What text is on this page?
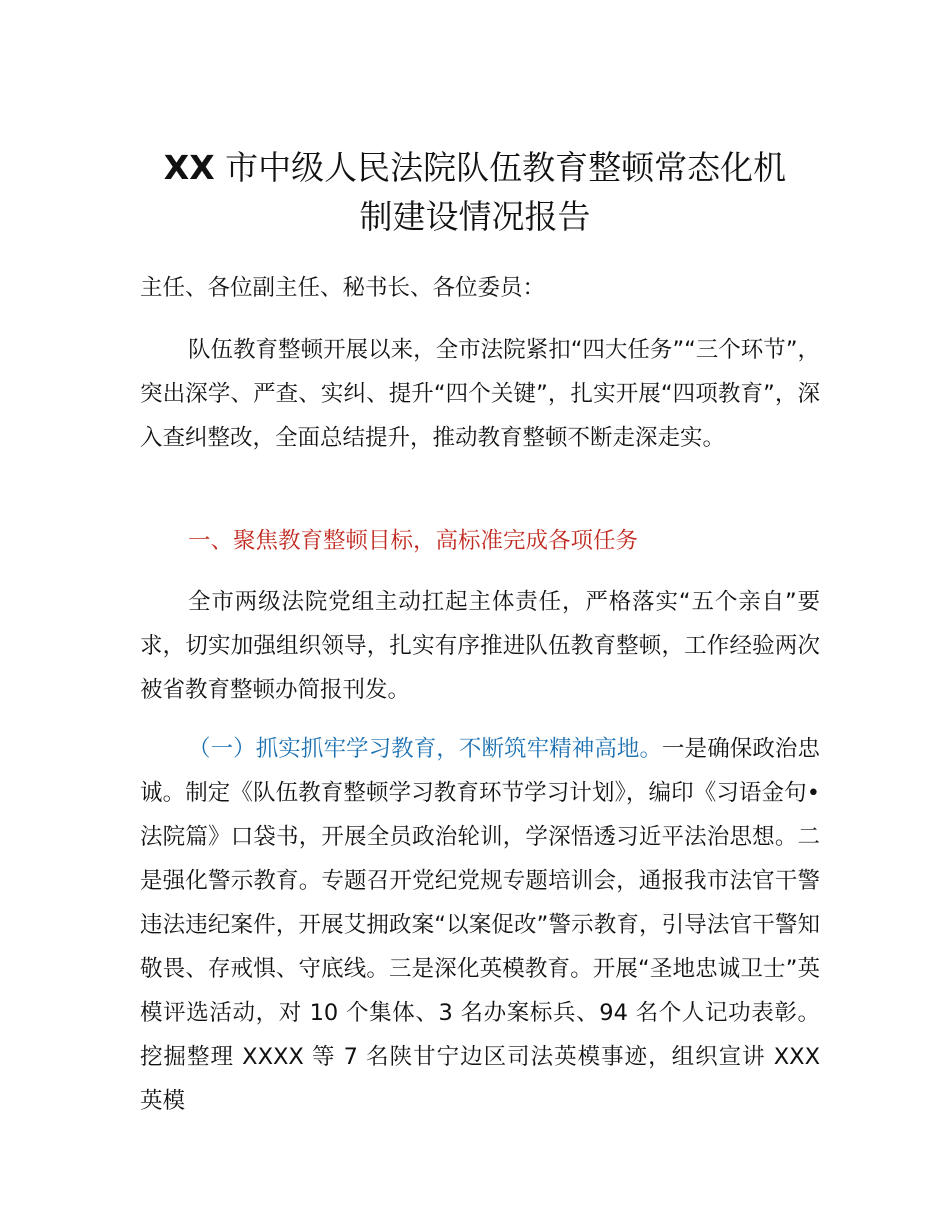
XX 市中级人民法院队伍教育整顿常态化机
制建设情况报告

主任、各位副主任、秘书长、各位委员：

队伍教育整顿开展以来，全市法院紧扣“四大任务”“三个环节”，突出深学、严查、实纠、提升“四个关键”，扎实开展“四项教育”，深入查纠整改，全面总结提升，推动教育整顿不断走深走实。

一、聚焦教育整顿目标，高标准完成各项任务

全市两级法院党组主动扛起主体责任，严格落实“五个亲自”要求，切实加强组织领导，扎实有序推进队伍教育整顿，工作经验两次被省教育整顿办简报刊发。

（一）抓实抓牢学习教育，不断筑牢精神高地。一是确保政治忠诚。制定《队伍教育整顿学习教育环节学习计划》，编印《习语金句•法院篇》口袋书，开展全员政治轮训，学深悟透习近平法治思想。二是强化警示教育。专题召开党纪党规专题培训会，通报我市法官干警违法违纪案件，开展艾拥政案“以案促改”警示教育，引导法官干警知敬畏、存戒惧、守底线。三是深化英模教育。开展“圣地忠诚卫士”英模评选活动，对 10 个集体、3 名办案标兵、94 名个人记功表彰。挖掘整理 XXXX 等 7 名陕甘宁边区司法英模事迹，组织宣讲 XXX 英模
